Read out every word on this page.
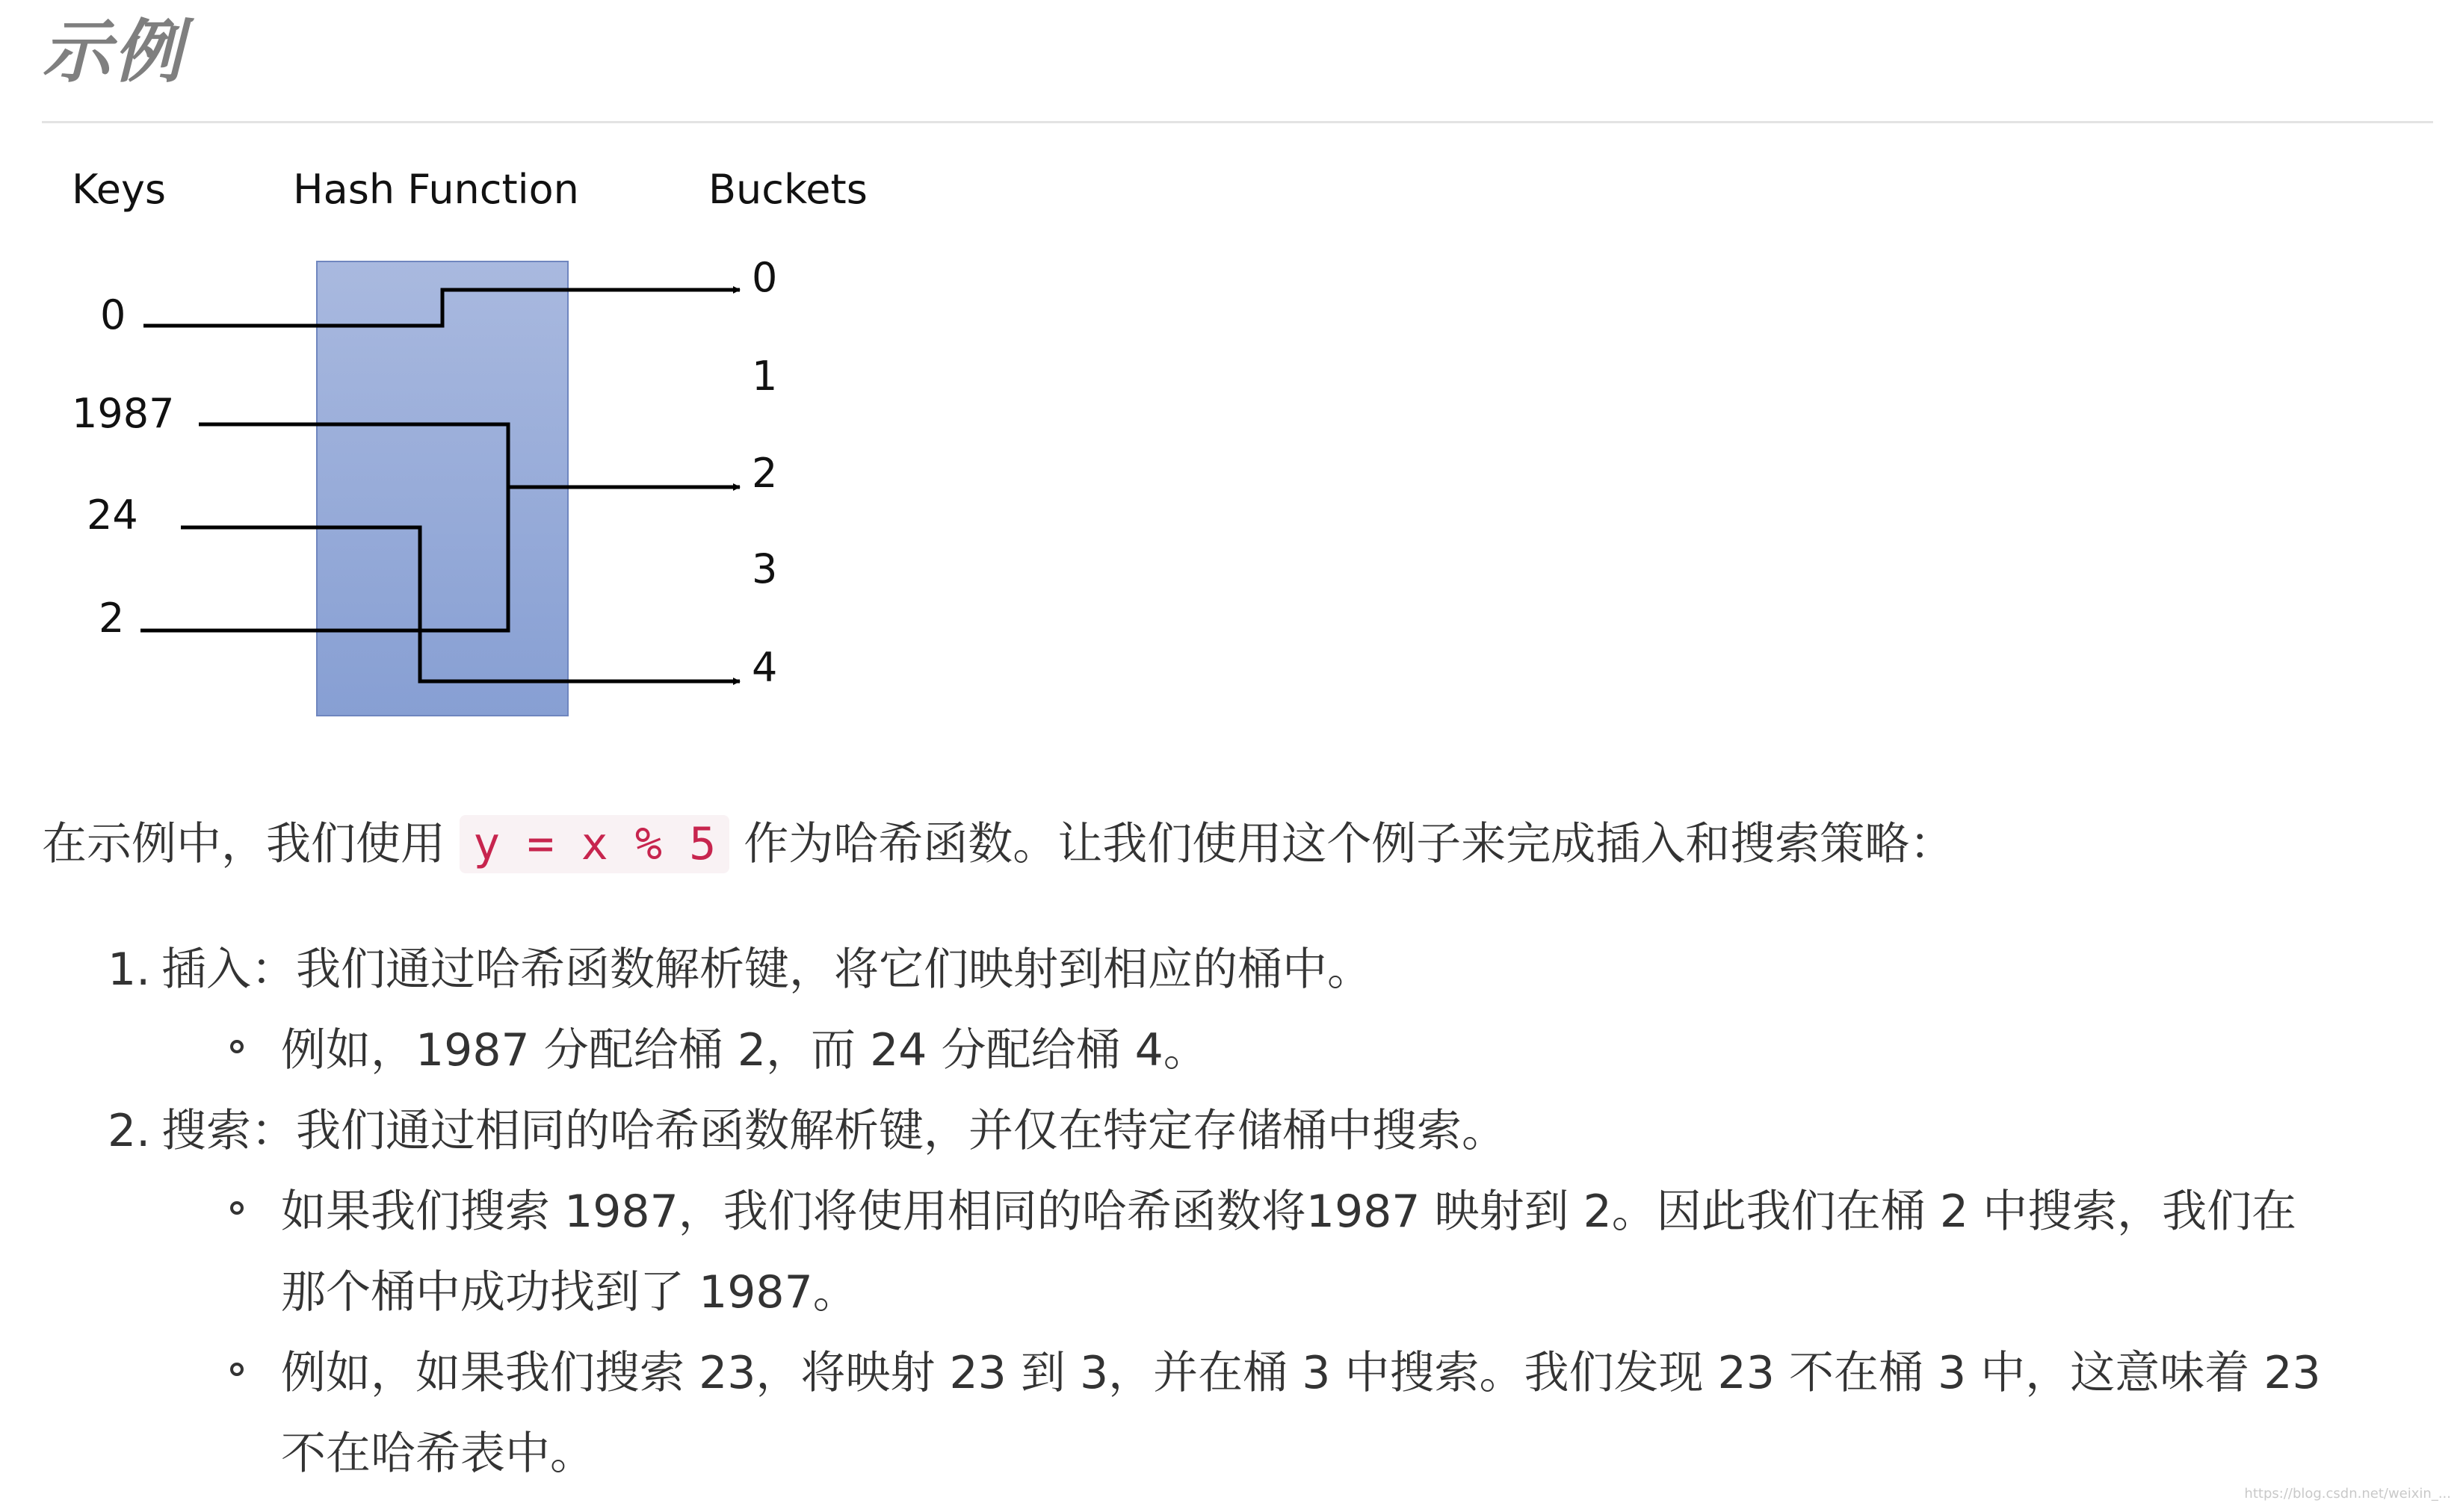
示例
Keys	Hash Function	Buckets
0
1987
24
2
0
1
2
3
4
在示例中，我们使用 y = x % 5 作为哈希函数。让我们使用这个例子来完成插入和搜索策略：
1. 插入：我们通过哈希函数解析键，将它们映射到相应的桶中。
例如，1987 分配给桶 2，而 24 分配给桶 4。
2. 搜索：我们通过相同的哈希函数解析键，并仅在特定存储桶中搜索。
如果我们搜索 1987，我们将使用相同的哈希函数将1987 映射到 2。因此我们在桶 2 中搜索，我们在
那个桶中成功找到了 1987。
例如，如果我们搜索 23，将映射 23 到 3，并在桶 3 中搜索。我们发现 23 不在桶 3 中，这意味着 23
不在哈希表中。
https://blog.csdn.net/weixin_...
